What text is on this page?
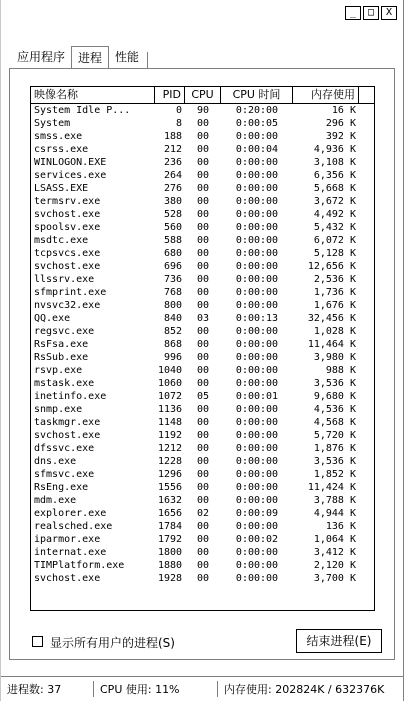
_	□	X
应用程序	进程	性能
映像名称	PID CPU	CPU 时间	内存使用
System Idle P...	0	90	0:20:00	16 K
System	8	00	0:00:05	296 K
smss.exe	188	00	0:00:00	392 K
csrss.exe	212	00	0:00:04	4,936 K
WINLOGON.EXE	236	00	0:00:00	3,108 K
services.exe	264	00	0:00:00	6,356 K
LSASS.EXE	276	00	0:00:00	5,668 K
termsrv.exe	380	00	0:00:00	3,672 K
svchost.exe	528	00	0:00:00	4,492 K
spoolsv.exe	560	00	0:00:00	5,432 K
msdtc.exe	588	00	0:00:00	6,072 K
tcpsvcs.exe	680	00	0:00:00	5,128 K
svchost.exe	696	00	0:00:00	12,656 K
llssrv.exe	736	00	0:00:00	2,536 K
sfmprint.exe	768	00	0:00:00	1,736 K
nvsvc32.exe	800	00	0:00:00	1,676 K
QQ.exe	840	03	0:00:13	32,456 K
regsvc.exe	852	00	0:00:00	1,028 K
RsFsa.exe	868	00	0:00:00	11,464 K
RsSub.exe	996	00	0:00:00	3,980 K
rsvp.exe	1040	00	0:00:00	988 K
mstask.exe	1060	00	0:00:00	3,536 K
inetinfo.exe	1072	05	0:00:01	9,680 K
snmp.exe	1136	00	0:00:00	4,536 K
taskmgr.exe	1148	00	0:00:00	4,568 K
svchost.exe	1192	00	0:00:00	5,720 K
dfssvc.exe	1212	00	0:00:00	1,876 K
dns.exe	1228	00	0:00:00	3,536 K
sfmsvc.exe	1296	00	0:00:00	1,852 K
RsEng.exe	1556	00	0:00:00	11,424 K
mdm.exe	1632	00	0:00:00	3,788 K
explorer.exe	1656	02	0:00:09	4,944 K
realsched.exe	1784	00	0:00:00	136 K
iparmor.exe	1792	00	0:00:02	1,064 K
internat.exe	1800	00	0:00:00	3,412 K
TIMPlatform.exe	1880	00	0:00:00	2,120 K
svchost.exe	1928	00	0:00:00	3,700 K
显示所有用户的进程(S)	结束进程(E)
进程数: 37	CPU 使用: 11%	内存使用: 202824K / 632376K
